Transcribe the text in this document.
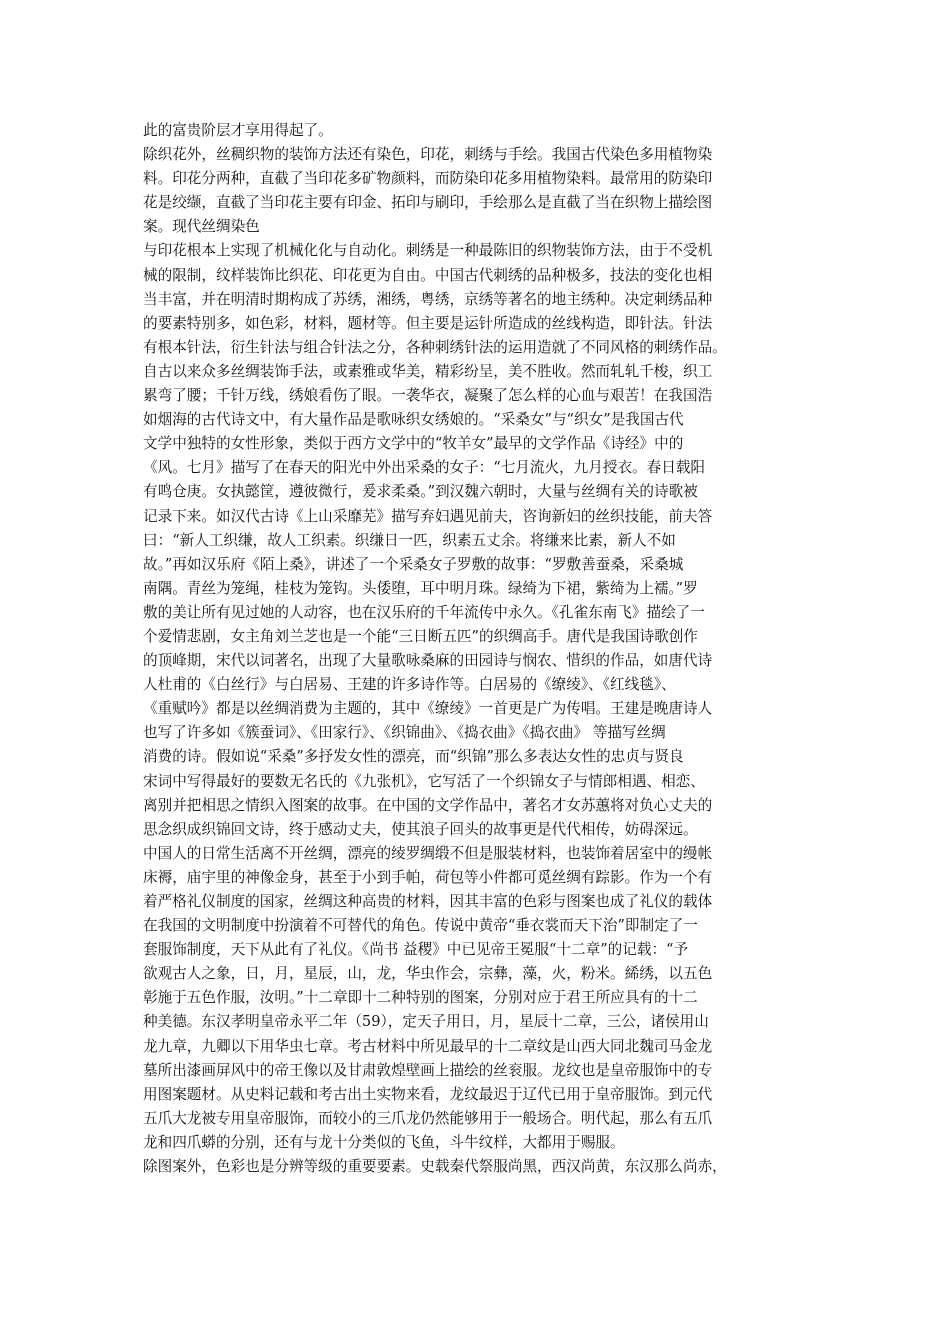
此的富贵阶层才享用得起了。
除织花外，丝稠织物的装饰方法还有染色，印花，刺绣与手绘。我国古代染色多用植物染
料。印花分两种，直截了当印花多矿物颜料，而防染印花多用植物染料。最常用的防染印
花是绞缬，直截了当印花主要有印金、拓印与刷印，手绘那么是直截了当在织物上描绘图
案。现代丝绸染色
与印花根本上实现了机械化化与自动化。刺绣是一种最陈旧的织物装饰方法，由于不受机
械的限制，纹样装饰比织花、印花更为自由。中国古代刺绣的品种极多，技法的变化也相
当丰富，并在明清时期构成了苏绣，湘绣，粤绣，京绣等著名的地主绣种。决定刺绣品种
的要素特别多，如色彩，材料，题材等。但主要是运针所造成的丝线构造，即针法。针法
有根本针法，衍生针法与组合针法之分，各种刺绣针法的运用造就了不同风格的刺绣作品。
自古以来众多丝绸装饰手法，或素雅或华美，精彩纷呈，美不胜收。然而轧轧千梭，织工
累弯了腰；千针万线，绣娘看伤了眼。一袭华衣，凝聚了怎么样的心血与艰苦！在我国浩
如烟海的古代诗文中，有大量作品是歌咏织女绣娘的。“采桑女”与“织女”是我国古代
文学中独特的女性形象，类似于西方文学中的“牧羊女”最早的文学作品《诗经》中的
《风。七月》描写了在春天的阳光中外出采桑的女子：“七月流火，九月授衣。春日载阳
有鸣仓庚。女执懿筐，遵彼微行，爰求柔桑。”到汉魏六朝时，大量与丝绸有关的诗歌被
记录下来。如汉代古诗《上山采靡芜》描写弃妇遇见前夫，咨询新妇的丝织技能，前夫答
曰：“新人工织缣，故人工织素。织缣日一匹，织素五丈余。将缣来比素，新人不如
故。”再如汉乐府《陌上桑》，讲述了一个采桑女子罗敷的故事：“罗敷善蚕桑，采桑城
南隅。青丝为笼绳，桂枝为笼钩。头倭堕，耳中明月珠。绿绮为下裙，紫绮为上襦。”罗
敷的美让所有见过她的人动容，也在汉乐府的千年流传中永久。《孔雀东南飞》描绘了一
个爱情悲剧，女主角刘兰芝也是一个能“三日断五匹”的织绸高手。唐代是我国诗歌创作
的顶峰期，宋代以词著名，出现了大量歌咏桑麻的田园诗与悯农、惜织的作品，如唐代诗
人杜甫的《白丝行》与白居易、王建的许多诗作等。白居易的《缭绫》、《红线毯》、
《重赋吟》都是以丝绸消费为主题的，其中《缭绫》一首更是广为传唱。王建是晚唐诗人
也写了许多如《簇蚕词》、《田家行》、《织锦曲》、《捣衣曲》《捣衣曲》 等描写丝绸
消费的诗。假如说“采桑”多抒发女性的漂亮，而“织锦”那么多表达女性的忠贞与贤良
宋词中写得最好的要数无名氏的《九张机》，它写活了一个织锦女子与情郎相遇、相恋、
离别并把相思之情织入图案的故事。在中国的文学作品中，著名才女苏蕙将对负心丈夫的
思念织成织锦回文诗，终于感动丈夫，使其浪子回头的故事更是代代相传，妨碍深远。
中国人的日常生活离不开丝绸，漂亮的绫罗绸缎不但是服装材料，也装饰着居室中的缦帐
床褥，庙宇里的神像金身，甚至于小到手帕，荷包等小件都可觅丝绸有踪影。作为一个有
着严格礼仪制度的国家，丝绸这种高贵的材料，因其丰富的色彩与图案也成了礼仪的载体
在我国的文明制度中扮演着不可替代的角色。传说中黄帝“垂衣裳而天下治”即制定了一
套服饰制度，天下从此有了礼仪。《尚书 益稷》中已见帝王冕服“十二章”的记载：“予
欲观古人之象，日，月，星辰，山，龙，华虫作会，宗彝，藻，火，粉米。絺绣，以五色
彰施于五色作服，汝明。”十二章即十二种特别的图案，分别对应于君王所应具有的十二
种美德。东汉孝明皇帝永平二年（59），定天子用日，月，星辰十二章，三公，诸侯用山
龙九章，九卿以下用华虫七章。考古材料中所见最早的十二章纹是山西大同北魏司马金龙
墓所出漆画屏风中的帝王像以及甘肃敦煌壁画上描绘的丝衮服。龙纹也是皇帝服饰中的专
用图案题材。从史料记载和考古出土实物来看，龙纹最迟于辽代已用于皇帝服饰。到元代
五爪大龙被专用皇帝服饰，而较小的三爪龙仍然能够用于一般场合。明代起，那么有五爪
龙和四爪蟒的分别，还有与龙十分类似的飞鱼，斗牛纹样，大都用于赐服。
除图案外，色彩也是分辨等级的重要要素。史载秦代祭服尚黑，西汉尚黄，东汉那么尚赤，
